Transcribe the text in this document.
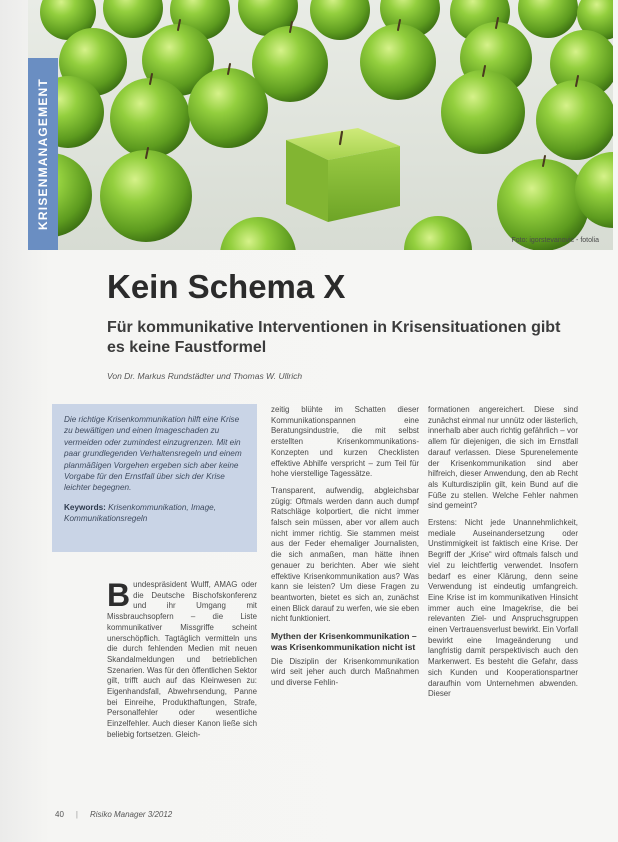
Foto: igorstevanovic - fotolia
KRISENMANAGEMENT
Kein Schema X
Für kommunikative Interventionen in Krisensituationen gibt es keine Faustformel

Von Dr. Markus Rundstädter und Thomas W. Ullrich

Die richtige Krisenkommunikation hilft eine Krise zu bewältigen und einen Imageschaden zu vermeiden oder zumindest einzugrenzen. Mit ein paar grundlegenden Verhaltensregeln und einem planmäßigen Vorgehen ergeben sich aber keine Vorgabe für den Ernstfall über sich der Krise leichter begegnen.

Keywords: Krisenkommunikation, Image, Kommunikationsregeln

Bundespräsident Wulff, AMAG oder die Deutsche Bischofskonferenz und ihr Umgang mit Missbrauchsopfern – die Liste kommunikativer Missgriffe scheint unerschöpflich. Tagtäglich vermitteln uns die durch fehlenden Medien mit neuen Skandalmeldungen und betrieblichen Szenarien. Was für den öffentlichen Sektor gilt, trifft auch auf das Kleinwesen zu: Eigenhandsfall, Abwehrsendung, Panne bei Einreihe, Produkthaftungen, Strafe, Personalfehler oder wesentliche Einzelfehler. Auch dieser Kanon ließe sich beliebig fortsetzen. Gleich-

zeitig blühte im Schatten dieser Kommunikationspannen eine Beratungsindustrie, die mit selbst erstellten Krisenkommunikations-Konzepten und kurzen Checklisten effektive Abhilfe verspricht – zum Teil für hohe vierstellige Tagessätze.

Transparent, aufwendig, abgleichsbar zügig: Oftmals werden dann auch dumpf Ratschläge kolportiert, die nicht immer falsch sein müssen, aber vor allem auch nicht immer richtig. Sie stammen meist aus der Feder ehemaliger Journalisten, die sich anmaßen, man hätte ihnen genauer zu berichten. Aber wie sieht effektive Krisenkommunikation aus? Was kann sie leisten? Um diese Fragen zu beantworten, bietet es sich an, zunächst einen Blick darauf zu werfen, wie sie eben nicht funktioniert.

Mythen der Krisenkommunikation – was Krisenkommunikation nicht ist

Die Disziplin der Krisenkommunikation wird seit jeher auch durch Maßnahmen und diverse Fehlin-

formationen angereichert. Diese sind zunächst einmal nur unnütz oder lästerlich, innerhalb aber auch richtig gefährlich – vor allem für diejenigen, die sich im Ernstfall darauf verlassen. Diese Spurenelemente der Krisenkommunikation sind aber hilfreich, dieser Anwendung, den ab Recht als Kulturdisziplin gilt, kein Bund auf die Füße zu stellen. Welche Fehler nahmen sind gemeint?

Erstens: Nicht jede Unannehmlichkeit, mediale Auseinandersetzung oder Unstimmigkeit ist faktisch eine Krise. Der Begriff der „Krise“ wird oftmals falsch und viel zu leichtfertig verwendet. Insofern bedarf es einer Klärung, denn seine Verwendung ist eindeutig umfangreich. Eine Krise ist im kommunikativen Hinsicht immer auch eine Imagekrise, die bei relevanten Ziel- und Anspruchsgruppen einen Vertrauensverlust bewirkt. Ein Vorfall bewirkt eine Imageänderung und langfristig damit perspektivisch auch den Markenwert. Es besteht die Gefahr, dass sich Kunden und Kooperationspartner daraufhin vom Unternehmen abwenden. Dieser

40 | Risiko Manager 3/2012
